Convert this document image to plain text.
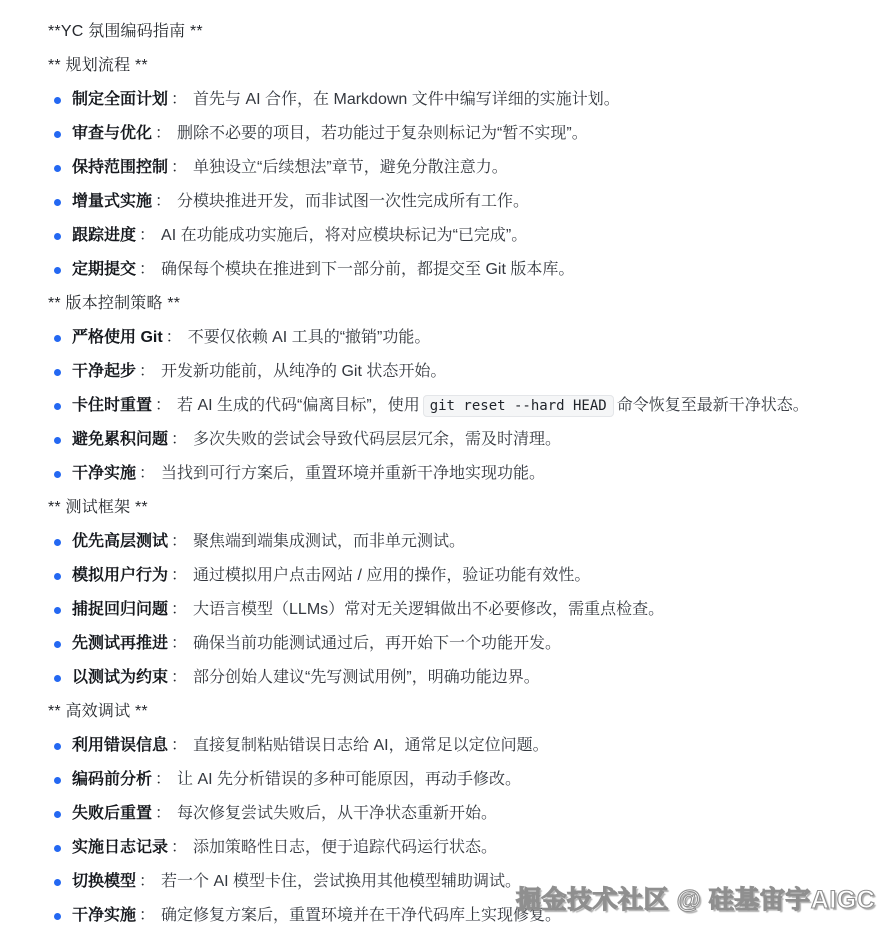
**YC 氛围编码指南 **
** 规划流程 **
制定全面计划 ： 首先与 AI 合作，在 Markdown 文件中编写详细的实施计划。
审查与优化 ： 删除不必要的项目，若功能过于复杂则标记为“暂不实现”。
保持范围控制 ： 单独设立“后续想法”章节，避免分散注意力。
增量式实施 ： 分模块推进开发，而非试图一次性完成所有工作。
跟踪进度 ： AI 在功能成功实施后，将对应模块标记为“已完成”。
定期提交 ： 确保每个模块在推进到下一部分前，都提交至 Git 版本库。
** 版本控制策略 **
严格使用 Git ： 不要仅依赖 AI 工具的“撤销”功能。
干净起步 ： 开发新功能前，从纯净的 Git 状态开始。
卡住时重置 ： 若 AI 生成的代码“偏离目标”，使用 git reset --hard HEAD 命令恢复至最新干净状态。
避免累积问题 ： 多次失败的尝试会导致代码层层冗余，需及时清理。
干净实施 ： 当找到可行方案后，重置环境并重新干净地实现功能。
** 测试框架 **
优先高层测试 ： 聚焦端到端集成测试，而非单元测试。
模拟用户行为 ： 通过模拟用户点击网站 / 应用的操作，验证功能有效性。
捕捉回归问题 ： 大语言模型（LLMs）常对无关逻辑做出不必要修改，需重点检查。
先测试再推进 ： 确保当前功能测试通过后，再开始下一个功能开发。
以测试为约束 ： 部分创始人建议“先写测试用例”，明确功能边界。
** 高效调试 **
利用错误信息 ： 直接复制粘贴错误日志给 AI，通常足以定位问题。
编码前分析 ： 让 AI 先分析错误的多种可能原因，再动手修改。
失败后重置 ： 每次修复尝试失败后，从干净状态重新开始。
实施日志记录 ： 添加策略性日志，便于追踪代码运行状态。
切换模型 ： 若一个 AI 模型卡住，尝试换用其他模型辅助调试。
干净实施 ： 确定修复方案后，重置环境并在干净代码库上实现修复。
掘金技术社区 @ 硅基宙宇AIGC
